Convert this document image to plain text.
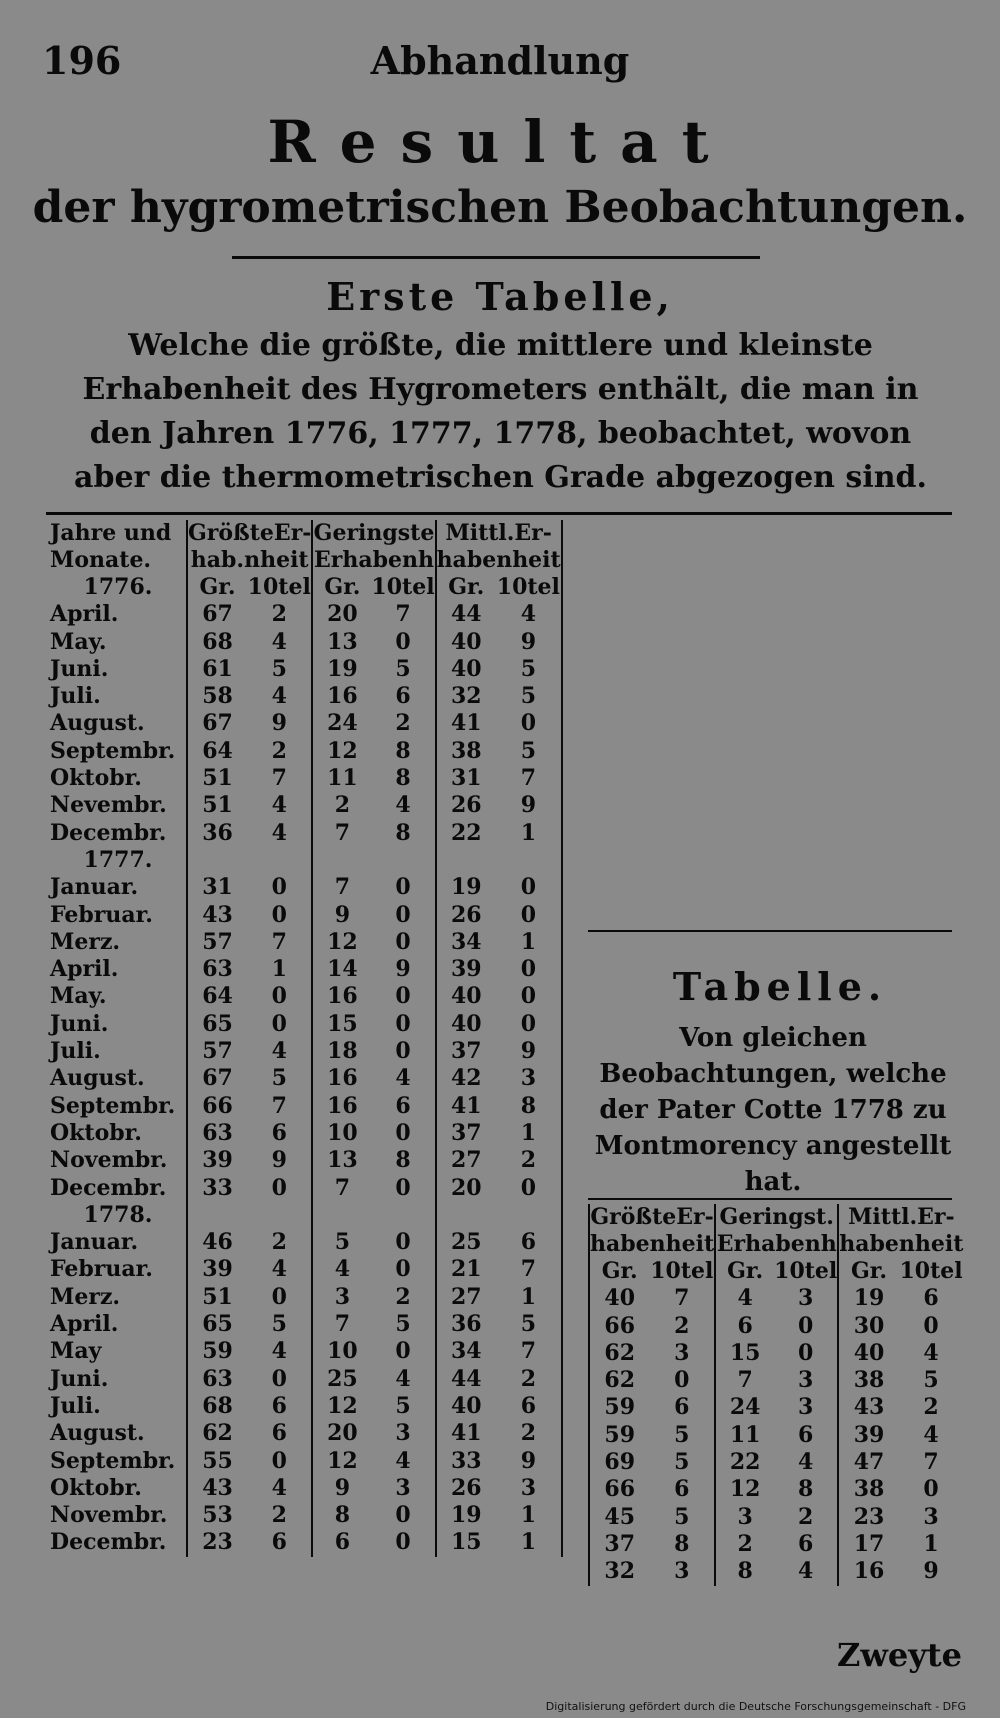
196	Abhandlung
Resultat
der hygrometrischen Beobachtungen.
Erste Tabelle,
Welche die größte, die mittlere und kleinste Erhabenheit des Hygrometers enthält, die man in den Jahren 1776, 1777, 1778, beobachtet, wovon aber die thermometrischen Grade abgezogen sind.
Jahre und
Monate.	GrößteEr-
hab.nheit		Geringste
Erhabenh		Mittl.Er-
habenheit	
1776.	Gr.	10tel	Gr.	10tel	Gr.	10tel
April.	67	2	20	7	44	4
May.	68	4	13	0	40	9
Juni.	61	5	19	5	40	5
Juli.	58	4	16	6	32	5
August.	67	9	24	2	41	0
Septembr.	64	2	12	8	38	5
Oktobr.	51	7	11	8	31	7
Nevembr.	51	4	2	4	26	9
Decembr.	36	4	7	8	22	1
1777.						
Januar.	31	0	7	0	19	0
Februar.	43	0	9	0	26	0
Merz.	57	7	12	0	34	1
April.	63	1	14	9	39	0
May.	64	0	16	0	40	0
Juni.	65	0	15	0	40	0
Juli.	57	4	18	0	37	9
August.	67	5	16	4	42	3
Septembr.	66	7	16	6	41	8
Oktobr.	63	6	10	0	37	1
Novembr.	39	9	13	8	27	2
Decembr.	33	0	7	0	20	0
1778.						
Januar.	46	2	5	0	25	6
Februar.	39	4	4	0	21	7
Merz.	51	0	3	2	27	1
April.	65	5	7	5	36	5
May	59	4	10	0	34	7
Juni.	63	0	25	4	44	2
Juli.	68	6	12	5	40	6
August.	62	6	20	3	41	2
Septembr.	55	0	12	4	33	9
Oktobr.	43	4	9	3	26	3
Novembr.	53	2	8	0	19	1
Decembr.	23	6	6	0	15	1
Tabelle.
Von gleichen Beobachtungen, welche der Pater Cotte 1778 zu Montmorency angestellt hat.
GrößteEr-
habenheit		Geringst.
Erhabenh		Mittl.Er-
habenheit	
Gr.	10tel	Gr.	10tel	Gr.	10tel
40	7	4	3	19	6
66	2	6	0	30	0
62	3	15	0	40	4
62	0	7	3	38	5
59	6	24	3	43	2
59	5	11	6	39	4
69	5	22	4	47	7
66	6	12	8	38	0
45	5	3	2	23	3
37	8	2	6	17	1
32	3	8	4	16	9
Zweyte
Digitalisierung gefördert durch die Deutsche Forschungsgemeinschaft - DFG
